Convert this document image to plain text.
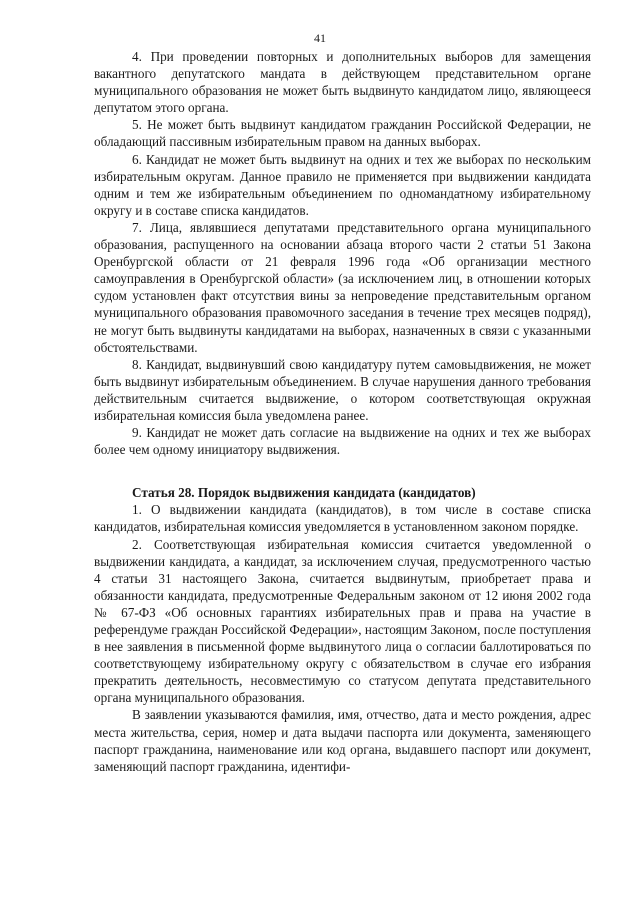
41

4. При проведении повторных и дополнительных выборов для замещения вакантного депутатского мандата в действующем представительном органе муниципального образования не может быть выдвинуто кандидатом лицо, являющееся депутатом этого органа.

5. Не может быть выдвинут кандидатом гражданин Российской Федерации, не обладающий пассивным избирательным правом на данных выборах.

6. Кандидат не может быть выдвинут на одних и тех же выборах по нескольким избирательным округам. Данное правило не применяется при выдвижении кандидата одним и тем же избирательным объединением по одномандатному избирательному округу и в составе списка кандидатов.

7. Лица, являвшиеся депутатами представительного органа муниципального образования, распущенного на основании абзаца второго части 2 статьи 51 Закона Оренбургской области от 21 февраля 1996 года «Об организации местного самоуправления в Оренбургской области» (за исключением лиц, в отношении которых судом установлен факт отсутствия вины за непроведение представительным органом муниципального образования правомочного заседания в течение трех месяцев подряд), не могут быть выдвинуты кандидатами на выборах, назначенных в связи с указанными обстоятельствами.

8. Кандидат, выдвинувший свою кандидатуру путем самовыдвижения, не может быть выдвинут избирательным объединением. В случае нарушения данного требования действительным считается выдвижение, о котором соответствующая окружная избирательная комиссия была уведомлена ранее.

9. Кандидат не может дать согласие на выдвижение на одних и тех же выборах более чем одному инициатору выдвижения.

Статья 28. Порядок выдвижения кандидата (кандидатов)

1. О выдвижении кандидата (кандидатов), в том числе в составе списка кандидатов, избирательная комиссия уведомляется в установленном законом порядке.

2. Соответствующая избирательная комиссия считается уведомленной о выдвижении кандидата, а кандидат, за исключением случая, предусмотренного частью 4 статьи 31 настоящего Закона, считается выдвинутым, приобретает права и обязанности кандидата, предусмотренные Федеральным законом от 12 июня 2002 года № 67-ФЗ «Об основных гарантиях избирательных прав и права на участие в референдуме граждан Российской Федерации», настоящим Законом, после поступления в нее заявления в письменной форме выдвинутого лица о согласии баллотироваться по соответствующему избирательному округу с обязательством в случае его избрания прекратить деятельность, несовместимую со статусом депутата представительного органа муниципального образования.

В заявлении указываются фамилия, имя, отчество, дата и место рождения, адрес места жительства, серия, номер и дата выдачи паспорта или документа, заменяющего паспорт гражданина, наименование или код органа, выдавшего паспорт или документ, заменяющий паспорт гражданина, идентифи-
